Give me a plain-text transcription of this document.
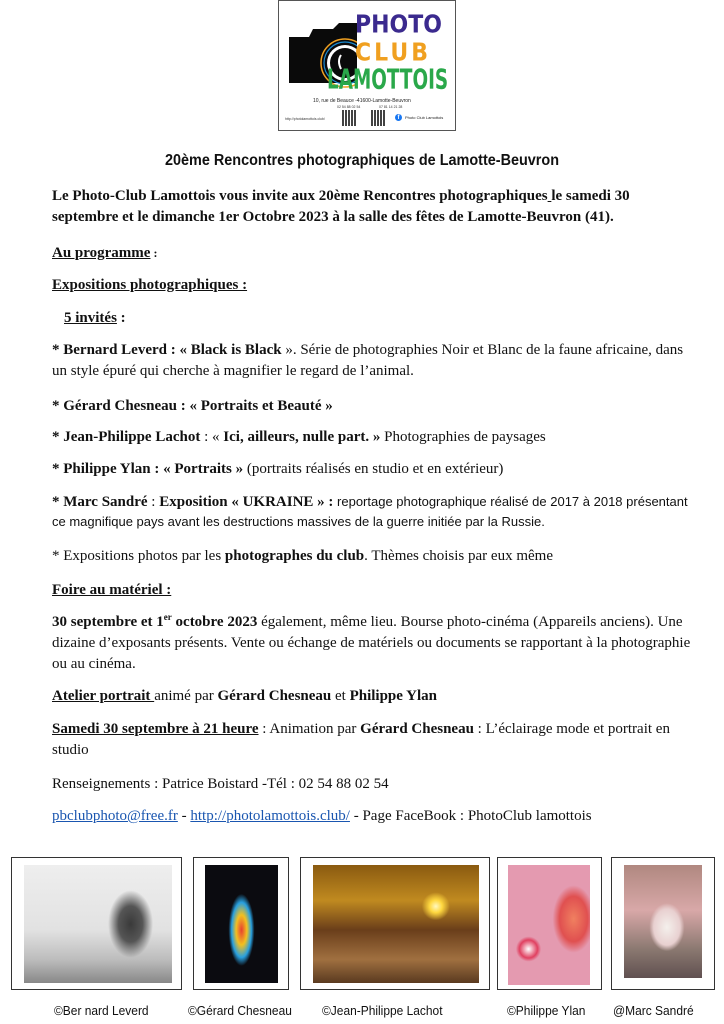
PHOTO
CLUB
LAMOTTOIS
10, rue de Beauce -41600-Lamotte-Beuvron
02 54 88 02 54	07 81 14 21 28
http://photolamottois.club/	f	Photo Club Lamottois
20ème Rencontres photographiques de Lamotte-Beuvron
Le Photo-Club Lamottois vous invite aux 20ème Rencontres photographiques le samedi 30 septembre et le dimanche 1er Octobre 2023 à la salle des fêtes de Lamotte-Beuvron (41).
Au programme :
Expositions photographiques :
5 invités :
* Bernard Leverd : « Black is Black ». Série de photographies Noir et Blanc de la faune africaine, dans un style épuré qui cherche à magnifier le regard de l’animal.
* Gérard Chesneau : « Portraits et Beauté »
* Jean-Philippe Lachot : « Ici, ailleurs, nulle part. » Photographies de paysages
* Philippe Ylan : « Portraits » (portraits réalisés en studio et en extérieur)
* Marc Sandré : Exposition « UKRAINE » : reportage photographique réalisé de 2017 à 2018 présentant ce magnifique pays avant les destructions massives de la guerre initiée par la Russie.
* Expositions photos par les photographes du club. Thèmes choisis par eux même
Foire au matériel :
30 septembre et 1er octobre 2023 également, même lieu. Bourse photo-cinéma (Appareils anciens). Une dizaine d’exposants présents. Vente ou échange de matériels ou documents se rapportant à la photographie ou au cinéma.
Atelier portrait animé par Gérard Chesneau et Philippe Ylan
Samedi 30 septembre à 21 heure : Animation par Gérard Chesneau : L’éclairage mode et portrait en studio
Renseignements : Patrice Boistard -Tél : 02 54 88 02 54
pbclubphoto@free.fr - http://photolamottois.club/ - Page FaceBook : PhotoClub lamottois
©Ber nard Leverd	©Gérard Chesneau ©Jean-Philippe Lachot	©Philippe Ylan @Marc Sandré
